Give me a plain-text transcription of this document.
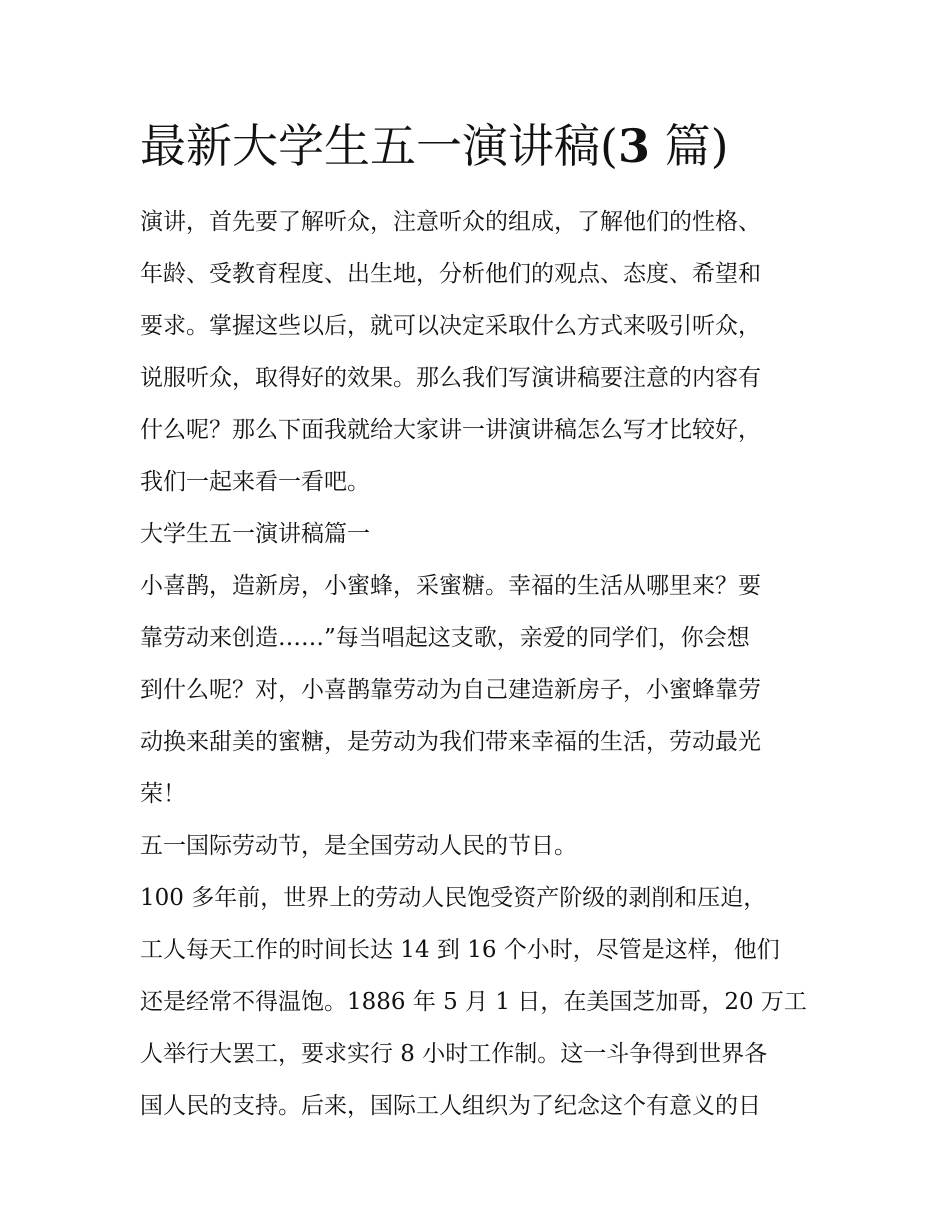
最新大学生五一演讲稿(3 篇)
演讲，首先要了解听众，注意听众的组成，了解他们的性格、
年龄、受教育程度、出生地，分析他们的观点、态度、希望和
要求。掌握这些以后，就可以决定采取什么方式来吸引听众，
说服听众，取得好的效果。那么我们写演讲稿要注意的内容有
什么呢？那么下面我就给大家讲一讲演讲稿怎么写才比较好，
我们一起来看一看吧。
大学生五一演讲稿篇一
小喜鹊，造新房，小蜜蜂，采蜜糖。幸福的生活从哪里来？要
靠劳动来创造……”每当唱起这支歌，亲爱的同学们，你会想
到什么呢？对，小喜鹊靠劳动为自己建造新房子，小蜜蜂靠劳
动换来甜美的蜜糖，是劳动为我们带来幸福的生活，劳动最光
荣！
五一国际劳动节，是全国劳动人民的节日。
100 多年前，世界上的劳动人民饱受资产阶级的剥削和压迫，
工人每天工作的时间长达 14 到 16 个小时，尽管是这样，他们
还是经常不得温饱。1886 年 5 月 1 日，在美国芝加哥，20 万工
人举行大罢工，要求实行 8 小时工作制。这一斗争得到世界各
国人民的支持。后来，国际工人组织为了纪念这个有意义的日
